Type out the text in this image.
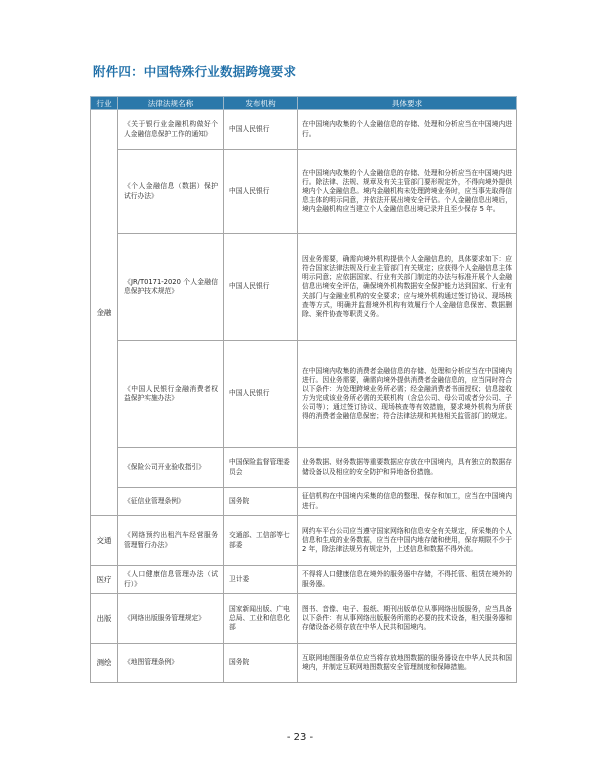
附件四：中国特殊行业数据跨境要求
行业	法律法规名称	发布机构	具体要求
金融	《关于银行业金融机构做好个人金融信息保护工作的通知》	中国人民银行	在中国境内收集的个人金融信息的存储、处理和分析应当在中国境内进行。
	《个人金融信息（数据）保护试行办法》	中国人民银行	在中国境内收集的个人金融信息的存储、处理和分析应当在中国境内进行。除法律、法规、规章及有关主管部门要形规定外，不得向境外提供境内个人金融信息。境内金融机构未处理跨境业务时，应当事先取得信息主体的明示同意，并依法开展出境安全评估。个人金融信息出境后，境内金融机构应当建立个人金融信息出境记录并且至少保存 5 年。
	《JR/T0171-2020 个人金融信息保护技术规范》	中国人民银行	因业务需要，确需向境外机构提供个人金融信息的，具体要求如下：应符合国家法律法规及行业主管部门有关规定；应获得个人金融信息主体明示同意；应依据国家、行业有关部门制定的办法与标准开展个人金融信息出境安全评估，确保境外机构数据安全保护能力达到国家、行业有关部门与金融业机构的安全要求；应与境外机构通过签订协议、现场核查等方式，明确并监督境外机构有效履行个人金融信息保密、数据删除、案件协查等职责义务。
	《中国人民银行金融消费者权益保护实施办法》	中国人民银行	在中国境内收集的消费者金融信息的存储、处理和分析应当在中国境内进行。因业务需要，确需向境外提供消费者金融信息的，应当同时符合以下条件：为处理跨境业务所必需；经金融消费者书面授权；信息接收方为完成该业务所必需的关联机构（含总公司、母公司或者分公司、子公司等）；通过签订协议、现场核查等有效措施，要求境外机构为所获得的消费者金融信息保密；符合法律法规和其他相关监管部门的规定。
	《保险公司开业验收指引》	中国保险监督管理委员会	业务数据、财务数据等重要数据应存放在中国境内，具有独立的数据存储设备以及相应的安全防护和异地备份措施。
	《征信业管理条例》	国务院	征信机构在中国境内采集的信息的整理、保存和加工，应当在中国境内进行。
交通	《网络预约出租汽车经营服务管理暂行办法》	交通部、工信部等七部委	网约车平台公司应当遵守国家网络和信息安全有关规定，所采集的个人信息和生成的业务数据，应当在中国内地存储和使用，保存期限不少于 2 年，除法律法规另有规定外，上述信息和数据不得外流。
医疗	《人口健康信息管理办法（试行）》	卫计委	不得将人口健康信息在境外的服务器中存储，不得托管、租赁在境外的服务器。
出版	《网络出版服务管理规定》	国家新闻出版、广电总局、工业和信息化部	图书、音像、电子、报纸、期刊出版单位从事网络出版服务，应当具备以下条件：有从事网络出版服务所需的必要的技术设备，相关服务器和存储设备必须存放在中华人民共和国境内。
测绘	《地图管理条例》	国务院	互联网地图服务单位应当将存放地图数据的服务器设在中华人民共和国境内，并制定互联网地图数据安全管理制度和保障措施。
- 23 -
